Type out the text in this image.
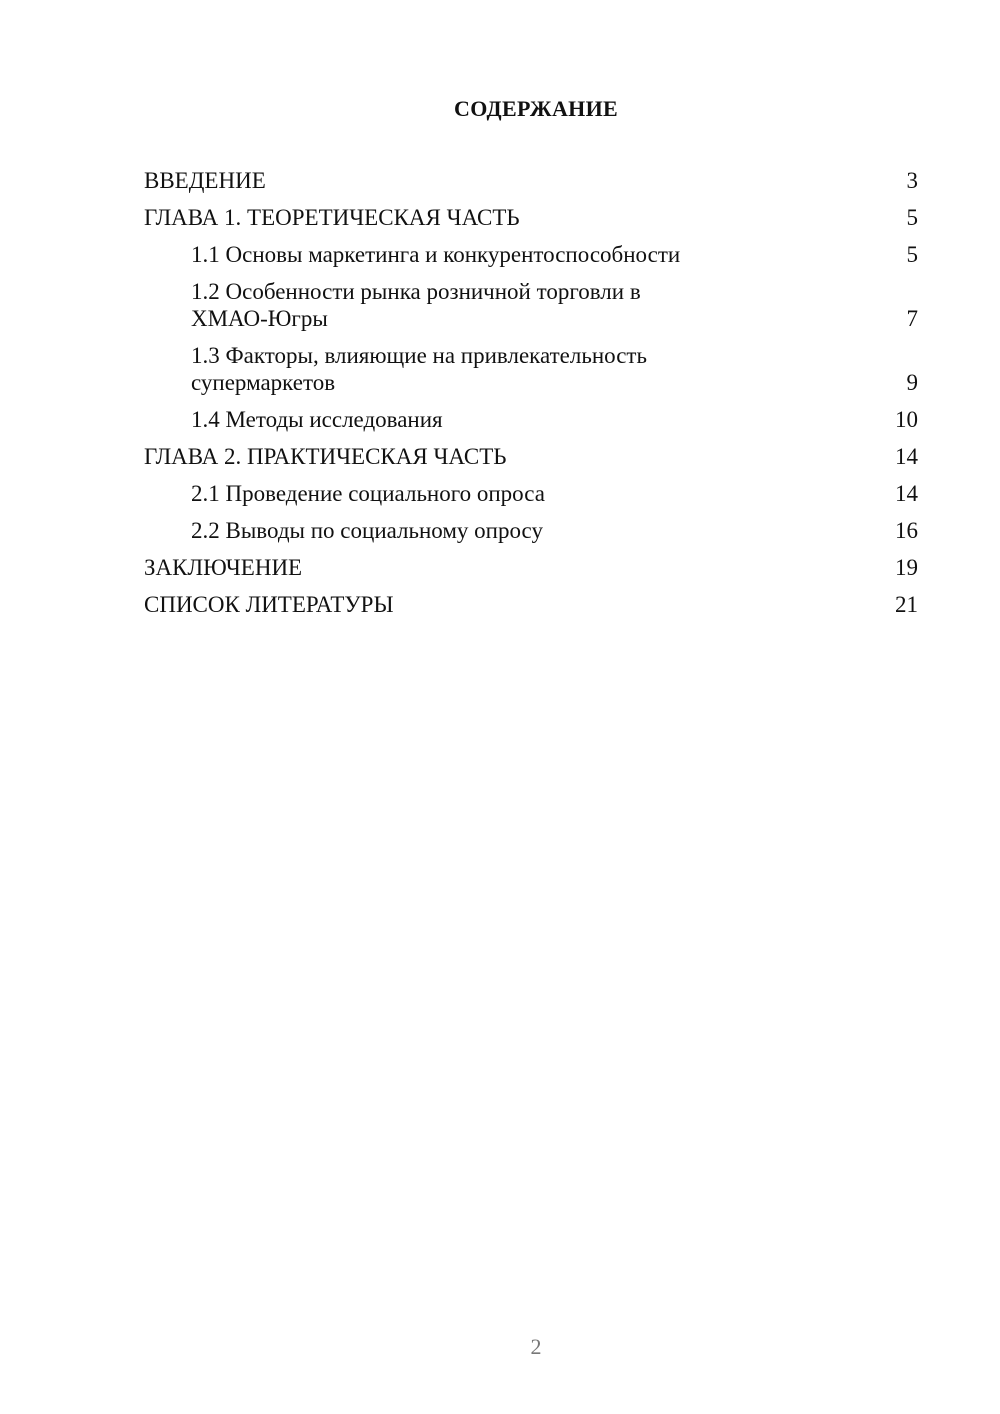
СОДЕРЖАНИЕ
ВВЕДЕНИЕ	3
ГЛАВА 1. ТЕОРЕТИЧЕСКАЯ ЧАСТЬ	5
1.1 Основы маркетинга и конкурентоспособности	5
1.2 Особенности рынка розничной торговли в
ХМАО-Югры	7
1.3 Факторы, влияющие на привлекательность
супермаркетов	9
1.4 Методы исследования	10
ГЛАВА 2. ПРАКТИЧЕСКАЯ ЧАСТЬ	14
2.1 Проведение социального опроса	14
2.2 Выводы по социальному опросу	16
ЗАКЛЮЧЕНИЕ	19
СПИСОК ЛИТЕРАТУРЫ	21
2
